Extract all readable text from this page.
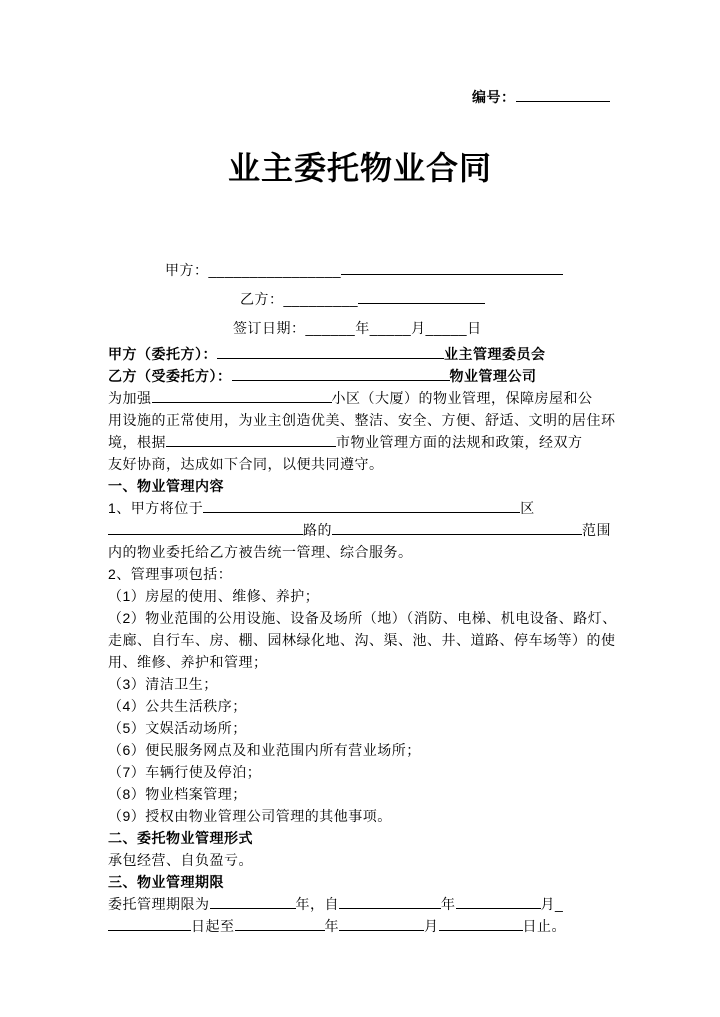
编号：
业主委托物业合同
甲方：________________
乙方：_________
签订日期：______年_____月_____日
甲方（委托方）：	业主管理委员会
乙方（受委托方）：	物业管理公司
为加强	小区（大厦）的物业管理，保障房屋和公
用设施的正常使用，为业主创造优美、整洁、安全、方便、舒适、文明的居住环
境，根据	市物业管理方面的法规和政策，经双方
友好协商，达成如下合同，以便共同遵守。
一、物业管理内容
1、甲方将位于	区
路的	范围
内的物业委托给乙方被告统一管理、综合服务。
2、管理事项包括：
（1）房屋的使用、维修、养护；
（2）物业范围的公用设施、设备及场所（地）（消防、电梯、机电设备、路灯、
走廊、自行车、房、棚、园林绿化地、沟、渠、池、井、道路、停车场等）的使
用、维修、养护和管理；
（3）清洁卫生；
（4）公共生活秩序；
（5）文娱活动场所；
（6）便民服务网点及和业范围内所有营业场所；
（7）车辆行使及停泊；
（8）物业档案管理；
（9）授权由物业管理公司管理的其他事项。
二、委托物业管理形式
承包经营、自负盈亏。
三、物业管理期限
委托管理期限为	年，自	年	月_
日起至	年	月	日止。
